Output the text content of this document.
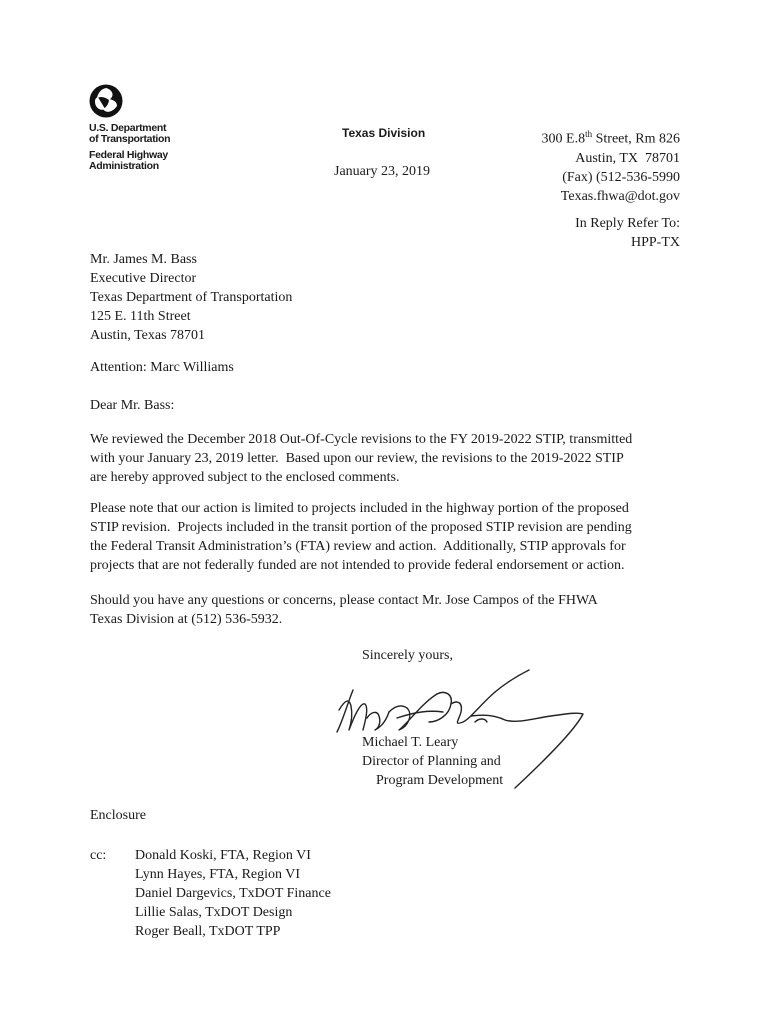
U.S. Department
of Transportation
Federal Highway
Administration
Texas Division
January 23, 2019
300 E.8th Street, Rm 826
Austin, TX  78701
(Fax) (512-536-5990
Texas.fhwa@dot.gov
In Reply Refer To:
HPP-TX
Mr. James M. Bass
Executive Director
Texas Department of Transportation
125 E. 11th Street
Austin, Texas 78701
Attention: Marc Williams
Dear Mr. Bass:
We reviewed the December 2018 Out-Of-Cycle revisions to the FY 2019-2022 STIP, transmitted
with your January 23, 2019 letter.  Based upon our review, the revisions to the 2019-2022 STIP
are hereby approved subject to the enclosed comments.
Please note that our action is limited to projects included in the highway portion of the proposed
STIP revision.  Projects included in the transit portion of the proposed STIP revision are pending
the Federal Transit Administration’s (FTA) review and action.  Additionally, STIP approvals for
projects that are not federally funded are not intended to provide federal endorsement or action.
Should you have any questions or concerns, please contact Mr. Jose Campos of the FHWA
Texas Division at (512) 536-5932.
Sincerely yours,
Michael T. Leary
Director of Planning and
Program Development
Enclosure
cc: Donald Koski, FTA, Region VI
Lynn Hayes, FTA, Region VI
Daniel Dargevics, TxDOT Finance
Lillie Salas, TxDOT Design
Roger Beall, TxDOT TPP
